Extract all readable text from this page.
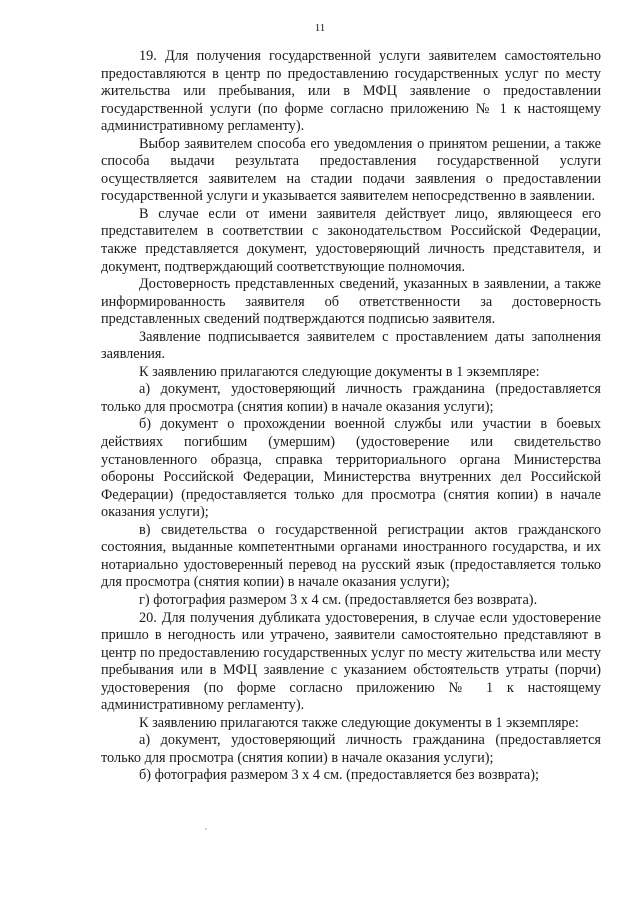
11

19. Для получения государственной услуги заявителем самостоятельно предоставляются в центр по предоставлению государственных услуг по месту жительства или пребывания, или в МФЦ заявление о предоставлении государственной услуги (по форме согласно приложению № 1 к настоящему административному регламенту).

Выбор заявителем способа его уведомления о принятом решении, а также способа выдачи результата предоставления государственной услуги осуществляется заявителем на стадии подачи заявления о предоставлении государственной услуги и указывается заявителем непосредственно в заявлении.

В случае если от имени заявителя действует лицо, являющееся его представителем в соответствии с законодательством Российской Федерации, также представляется документ, удостоверяющий личность представителя, и документ, подтверждающий соответствующие полномочия.

Достоверность представленных сведений, указанных в заявлении, а также информированность заявителя об ответственности за достоверность представленных сведений подтверждаются подписью заявителя.

Заявление подписывается заявителем с проставлением даты заполнения заявления.

К заявлению прилагаются следующие документы в 1 экземпляре:

а) документ, удостоверяющий личность гражданина (предоставляется только для просмотра (снятия копии) в начале оказания услуги);

б) документ о прохождении военной службы или участии в боевых действиях погибшим (умершим) (удостоверение или свидетельство установленного образца, справка территориального органа Министерства обороны Российской Федерации, Министерства внутренних дел Российской Федерации) (предоставляется только для просмотра (снятия копии) в начале оказания услуги);

в) свидетельства о государственной регистрации актов гражданского состояния, выданные компетентными органами иностранного государства, и их нотариально удостоверенный перевод на русский язык (предоставляется только для просмотра (снятия копии) в начале оказания услуги);

г) фотография размером 3 x 4 см. (предоставляется без возврата).

20. Для получения дубликата удостоверения, в случае если удостоверение пришло в негодность или утрачено, заявители самостоятельно представляют в центр по предоставлению государственных услуг по месту жительства или месту пребывания или в МФЦ заявление с указанием обстоятельств утраты (порчи) удостоверения (по форме согласно приложению № 1 к настоящему административному регламенту).

К заявлению прилагаются также следующие документы в 1 экземпляре:

а) документ, удостоверяющий личность гражданина (предоставляется только для просмотра (снятия копии) в начале оказания услуги);

б) фотография размером 3 x 4 см. (предоставляется без возврата);
